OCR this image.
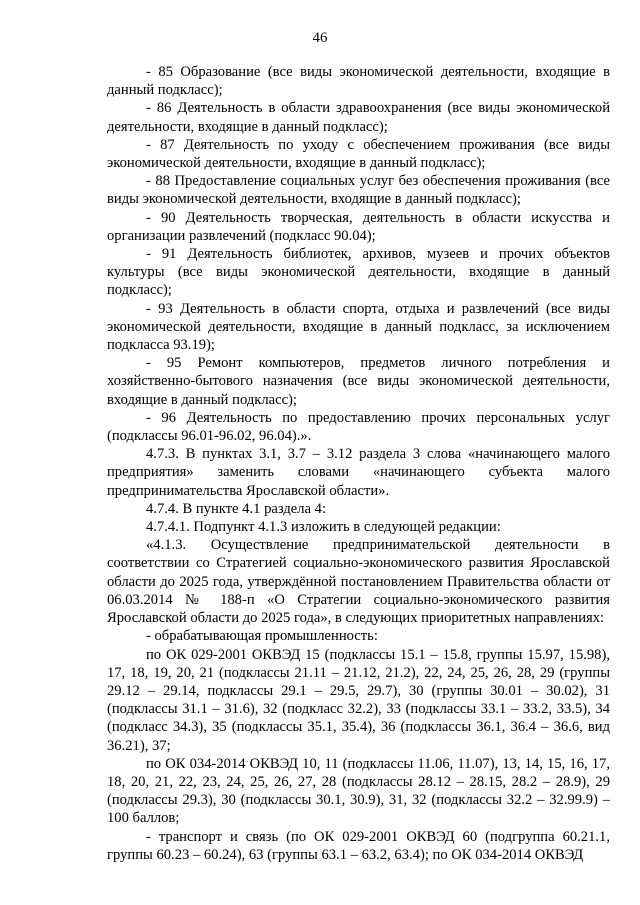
46

- 85 Образование (все виды экономической деятельности, входящие в данный подкласс);

- 86 Деятельность в области здравоохранения (все виды экономической деятельности, входящие в данный подкласс);

- 87 Деятельность по уходу с обеспечением проживания (все виды экономической деятельности, входящие в данный подкласс);

- 88 Предоставление социальных услуг без обеспечения проживания (все виды экономической деятельности, входящие в данный подкласс);

- 90 Деятельность творческая, деятельность в области искусства и организации развлечений (подкласс 90.04);

- 91 Деятельность библиотек, архивов, музеев и прочих объектов культуры (все виды экономической деятельности, входящие в данный подкласс);

- 93 Деятельность в области спорта, отдыха и развлечений (все виды экономической деятельности, входящие в данный подкласс, за исключением подкласса 93.19);

- 95 Ремонт компьютеров, предметов личного потребления и хозяйственно-бытового назначения (все виды экономической деятельности, входящие в данный подкласс);

- 96 Деятельность по предоставлению прочих персональных услуг (подклассы 96.01-96.02, 96.04).».

4.7.3. В пунктах 3.1, 3.7 – 3.12 раздела 3 слова «начинающего малого предприятия» заменить словами «начинающего субъекта малого предпринимательства Ярославской области».

4.7.4. В пункте 4.1 раздела 4:

4.7.4.1. Подпункт 4.1.3 изложить в следующей редакции:

«4.1.3. Осуществление предпринимательской деятельности в соответствии со Стратегией социально-экономического развития Ярославской области до 2025 года, утверждённой постановлением Правительства области от 06.03.2014 № 188-п «О Стратегии социально-экономического развития Ярославской области до 2025 года», в следующих приоритетных направлениях:

- обрабатывающая промышленность:

по ОК 029-2001 ОКВЭД 15 (подклассы 15.1 – 15.8, группы 15.97, 15.98), 17, 18, 19, 20, 21 (подклассы 21.11 – 21.12, 21.2), 22, 24, 25, 26, 28, 29 (группы 29.12 – 29.14, подклассы 29.1 – 29.5, 29.7), 30 (группы 30.01 – 30.02), 31 (подклассы 31.1 – 31.6), 32 (подкласс 32.2), 33 (подклассы 33.1 – 33.2, 33.5), 34 (подкласс 34.3), 35 (подклассы 35.1, 35.4), 36 (подклассы 36.1, 36.4 – 36.6, вид 36.21), 37;

по ОК 034-2014 ОКВЭД 10, 11 (подклассы 11.06, 11.07), 13, 14, 15, 16, 17, 18, 20, 21, 22, 23, 24, 25, 26, 27, 28 (подклассы 28.12 – 28.15, 28.2 – 28.9), 29 (подклассы 29.3), 30 (подклассы 30.1, 30.9), 31, 32 (подклассы 32.2 – 32.99.9) – 100 баллов;

- транспорт и связь (по ОК 029-2001 ОКВЭД 60 (подгруппа 60.21.1, группы 60.23 – 60.24), 63 (группы 63.1 – 63.2, 63.4); по ОК 034-2014 ОКВЭД
